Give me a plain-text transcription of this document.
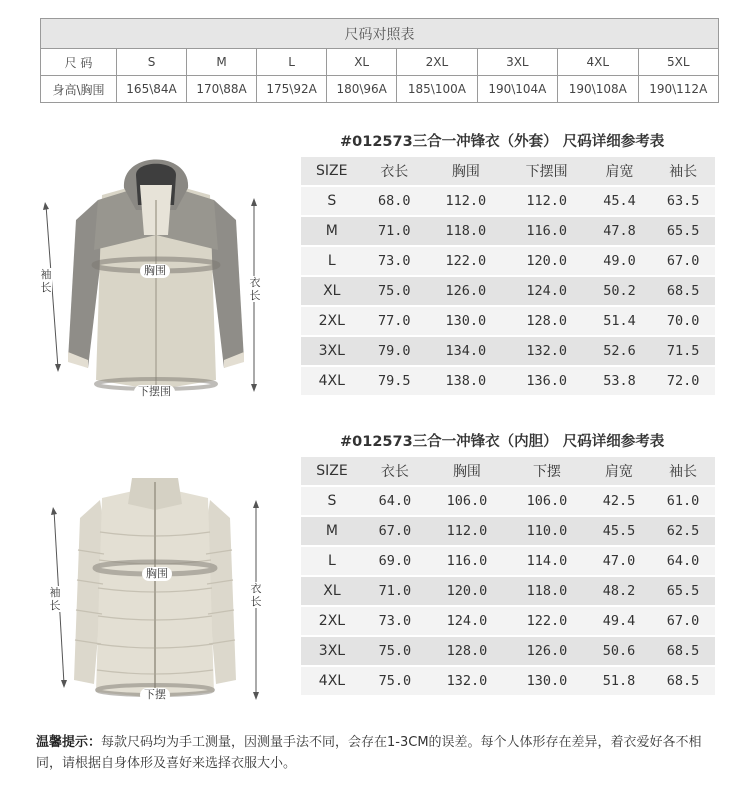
尺码对照表								
尺 码	S	M	L	XL	2XL	3XL	4XL	5XL
身高\胸围	165\84A	170\88A	175\92A	180\96A	185\100A	190\104A	190\108A	190\112A
#012573三合一冲锋衣（外套） 尺码详细参考表
SIZE	衣长	胸围	下摆围	肩宽	袖长
S	68.0	112.0	112.0	45.4	63.5
M	71.0	118.0	116.0	47.8	65.5
L	73.0	122.0	120.0	49.0	67.0
XL	75.0	126.0	124.0	50.2	68.5
2XL	77.0	130.0	128.0	51.4	70.0
3XL	79.0	134.0	132.0	52.6	71.5
4XL	79.5	138.0	136.0	53.8	72.0
胸围
下摆围
衣长
袖长
#012573三合一冲锋衣（内胆） 尺码详细参考表
SIZE	衣长	胸围	下摆	肩宽	袖长
S	64.0	106.0	106.0	42.5	61.0
M	67.0	112.0	110.0	45.5	62.5
L	69.0	116.0	114.0	47.0	64.0
XL	71.0	120.0	118.0	48.2	65.5
2XL	73.0	124.0	122.0	49.4	67.0
3XL	75.0	128.0	126.0	50.6	68.5
4XL	75.0	132.0	130.0	51.8	68.5
胸围
下摆
衣长
袖长
温馨提示：每款尺码均为手工测量，因测量手法不同，会存在1-3CM的误差。每个人体形存在差异，着衣爱好各不相同，请根据自身体形及喜好来选择衣服大小。
